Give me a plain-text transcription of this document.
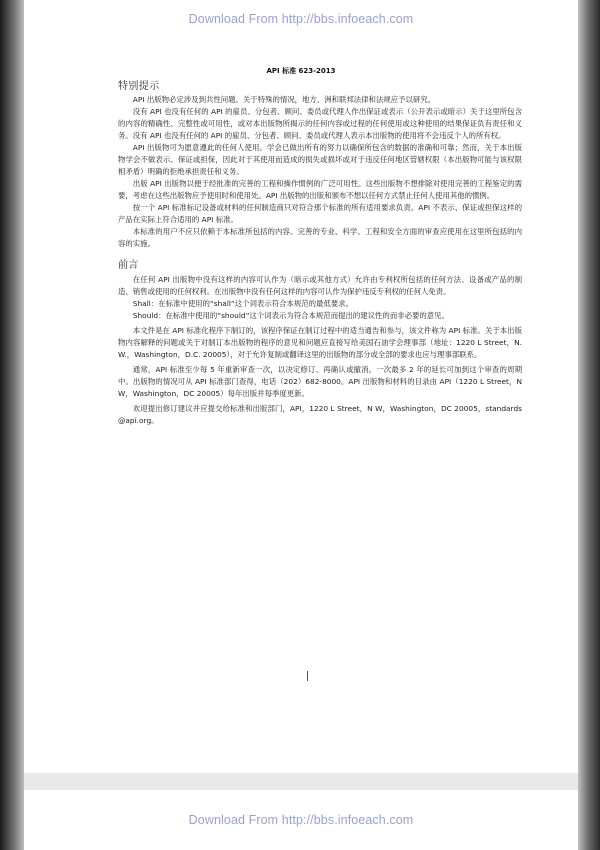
Download From http://bbs.infoeach.com
Download From http://bbs.infoeach.com
API 标准 623-2013
特别提示

API 出版物必定涉及到共性问题。关于特殊的情况，地方、洲和联邦法律和法规应予以研究。

没有 API 也没有任何的 API 的雇员、分包者、顾问、委员或代理人作出保证或表示（公开表示或暗示）关于这里所包含的内容的精确性、完整性或可用性，或对本出版物所揭示的任何内容或过程的任何使用或这种使用的结果保证负有责任和义务。没有 API 也没有任何的 API 的雇员、分包者、顾问、委员或代理人表示本出版物的使用将不会违反个人的所有权。

API 出版物可为愿意遵此的任何人使用。学会已做出所有的努力以确保所包含的数据的准确和可靠；然而，关于本出版物学会不做表示、保证或担保，因此对于其使用而造成的损失或损坏或对于违反任何地区管辖权限（本出版物可能与该权限相矛盾）明确的拒绝承担责任和义务。

出版 API 出版物以便于经批准的完善的工程和操作惯例的广泛可用性。这些出版物不想排除对使用完善的工程鉴定的需要，考虑在这些出版物应予使用时和使用处。API 出版物的出版和颁布不想以任何方式禁止任何人使用其他的惯例。

按一个 API 标准标记设备或材料的任何制造商只对符合那个标准的所有适用要求负责。API 不表示、保证或担保这样的产品在实际上符合适用的 API 标准。

本标准的用户不应只依赖于本标准所包括的内容。完善的专业、科学、工程和安全方面的审查应使用在这里所包括的内容的实施。

前言

在任何 API 出版物中没有这样的内容可认作为（暗示或其他方式）允许由专利权所包括的任何方法、设备或产品的制造、销售或使用的任何权利。在出版物中没有任何这样的内容可认作为保护违反专利权的任何人免责。

Shall：在标准中使用的“shall”这个词表示符合本规范的最低要求。

Should：在标准中使用的“should”这个词表示为符合本规范而提出的建议性的而非必要的意见。

本文件是在 API 标准化程序下制订的，该程序保证在制订过程中的适当通告和参与，该文件称为 API 标准。关于本出版物内容解释的问题或关于对制订本出版物的程序的意见和问题应直接写给美国石油学会理事部（地址：1220 L Street，N.W.，Washington，D.C. 20005），对于允许复制或翻译这里的出版物的部分或全部的要求也应与理事部联系。

通常，API 标准至少每 5 年重新审查一次，以决定修订、再确认或撤消。一次最多 2 年的延长可加到这个审查的周期中。出版物的情况可从 API 标准部门查得，电话（202）682-8000。API 出版物和材料的目录由 API（1220 L Street，N W，Washington，DC 20005）每年出版并每季度更新。

欢迎提出修订建议并应提交给标准和出版部门，API，1220 L Street，N W，Washington，DC 20005，standards@api.org。
